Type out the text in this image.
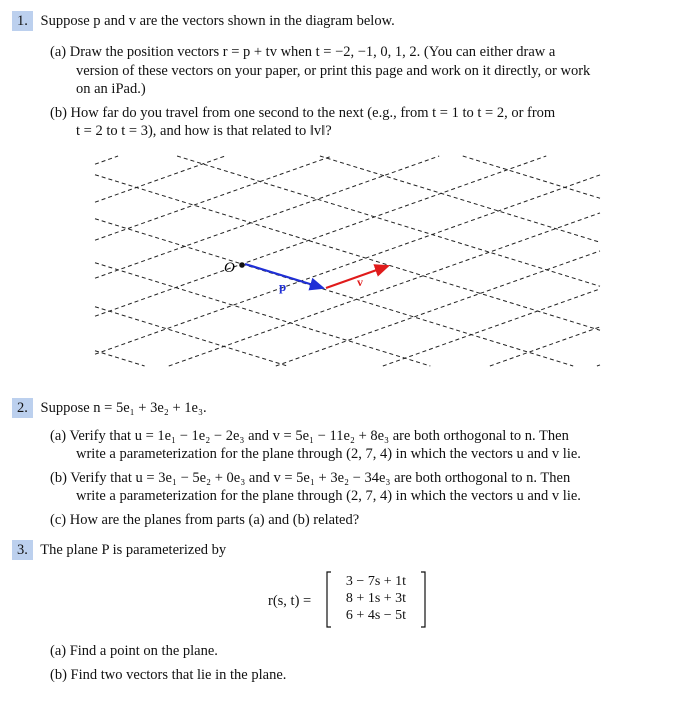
1. Suppose p and v are the vectors shown in the diagram below.
(a) Draw the position vectors r = p + tv when t = −2, −1, 0, 1, 2. (You can either draw a
version of these vectors on your paper, or print this page and work on it directly, or work
on an iPad.)
(b) How far do you travel from one second to the next (e.g., from t = 1 to t = 2, or from
t = 2 to t = 3), and how is that related to ‖v‖?
O
p	v
2. Suppose n = 5e₁ + 3e₂ + 1e₃.
(a) Verify that u = 1e₁ − 1e₂ − 2e₃ and v = 5e₁ − 11e₂ + 8e₃ are both orthogonal to n. Then
write a parameterization for the plane through (2, 7, 4) in which the vectors u and v lie.
(b) Verify that u = 3e₁ − 5e₂ + 0e₃ and v = 5e₁ + 3e₂ − 34e₃ are both orthogonal to n. Then
write a parameterization for the plane through (2, 7, 4) in which the vectors u and v lie.
(c) How are the planes from parts (a) and (b) related?
3. The plane P is parameterized by
r(s, t) =
3 − 7s + 1t
8 + 1s + 3t
6 + 4s − 5t
(a) Find a point on the plane.
(b) Find two vectors that lie in the plane.
